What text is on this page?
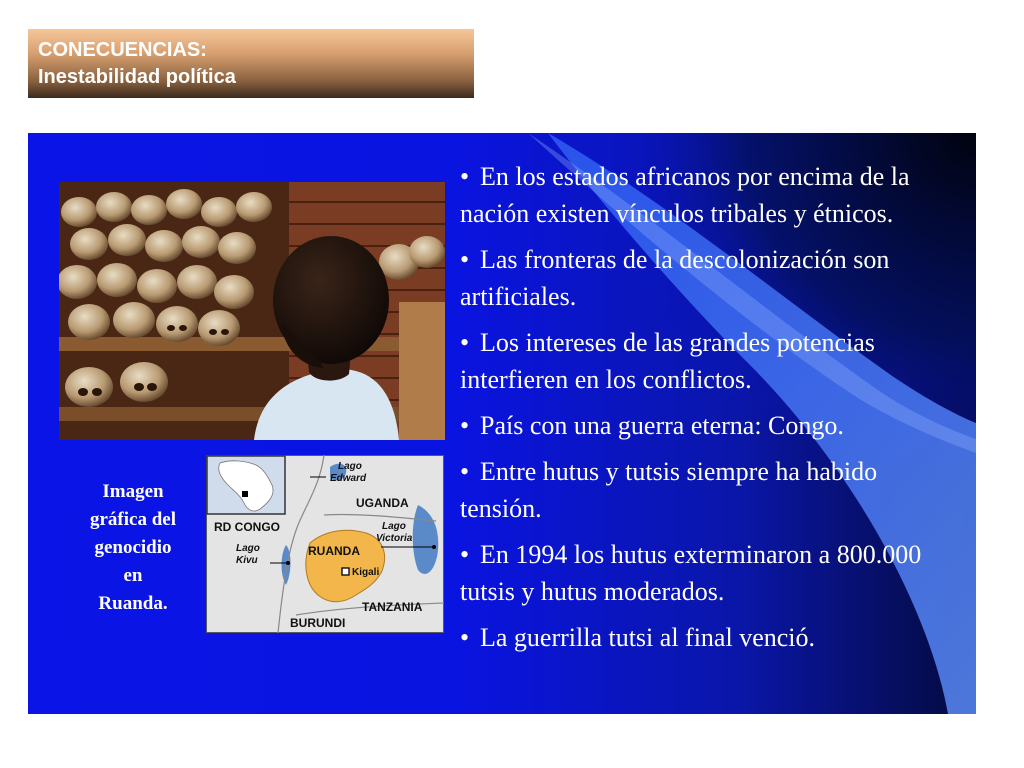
CONECUENCIAS:
Inestabilidad política
Imagen
gráfica del
genocidio
en
Ruanda.
Lago
Edward
UGANDA
RD CONGO	Lago
Victoria
Lago
Kivu
RUANDA
Kigali
TANZANIA
BURUNDI
• En los estados africanos por encima de la nación existen vínculos tribales y étnicos.
• Las fronteras de la descolonización son artificiales.
• Los intereses de las grandes potencias interfieren en los conflictos.
• País con una guerra eterna: Congo.
• Entre hutus y tutsis siempre ha habido tensión.
• En 1994 los hutus exterminaron a 800.000 tutsis y hutus moderados.
• La guerrilla tutsi al final venció.
